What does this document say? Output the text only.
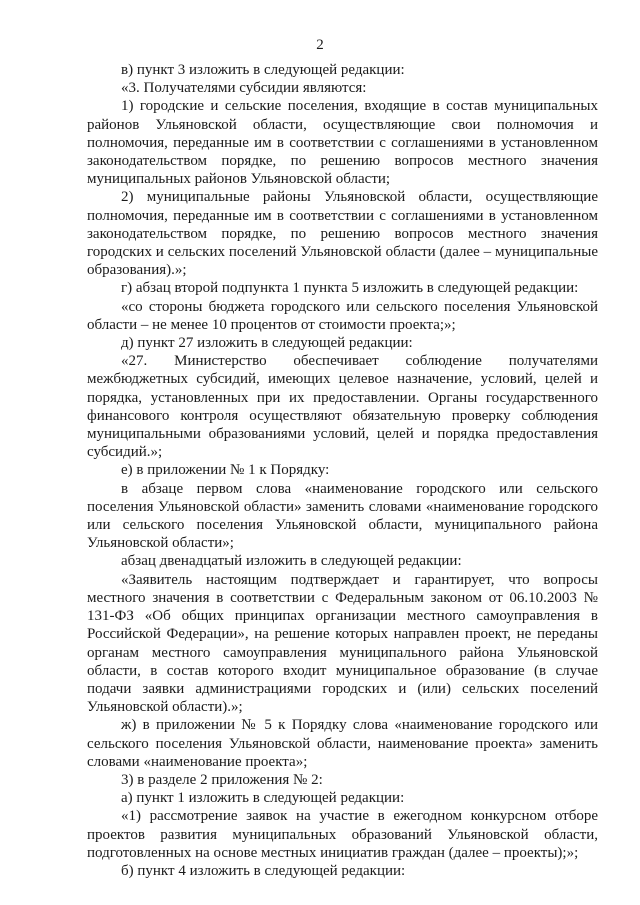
2

в) пункт 3 изложить в следующей редакции:

«3. Получателями субсидии являются:

1) городские и сельские поселения, входящие в состав муниципальных районов Ульяновской области, осуществляющие свои полномочия и полномочия, переданные им в соответствии с соглашениями в установленном законодательством порядке, по решению вопросов местного значения муниципальных районов Ульяновской области;

2) муниципальные районы Ульяновской области, осуществляющие полномочия, переданные им в соответствии с соглашениями в установленном законодательством порядке, по решению вопросов местного значения городских и сельских поселений Ульяновской области (далее – муниципальные образования).»;

г) абзац второй подпункта 1 пункта 5 изложить в следующей редакции:

«со стороны бюджета городского или сельского поселения Ульяновской области – не менее 10 процентов от стоимости проекта;»;

д) пункт 27 изложить в следующей редакции:

«27. Министерство обеспечивает соблюдение получателями межбюджетных субсидий, имеющих целевое назначение, условий, целей и порядка, установленных при их предоставлении. Органы государственного финансового контроля осуществляют обязательную проверку соблюдения муниципальными образованиями условий, целей и порядка предоставления субсидий.»;

е) в приложении № 1 к Порядку:

в абзаце первом слова «наименование городского или сельского поселения Ульяновской области» заменить словами «наименование городского или сельского поселения Ульяновской области, муниципального района Ульяновской области»;

абзац двенадцатый изложить в следующей редакции:

«Заявитель настоящим подтверждает и гарантирует, что вопросы местного значения в соответствии с Федеральным законом от 06.10.2003 № 131-ФЗ «Об общих принципах организации местного самоуправления в Российской Федерации», на решение которых направлен проект, не переданы органам местного самоуправления муниципального района Ульяновской области, в состав которого входит муниципальное образование (в случае подачи заявки администрациями городских и (или) сельских поселений Ульяновской области).»;

ж) в приложении № 5 к Порядку слова «наименование городского или сельского поселения Ульяновской области, наименование проекта» заменить словами «наименование проекта»;

3) в разделе 2 приложения № 2:

а) пункт 1 изложить в следующей редакции:

«1) рассмотрение заявок на участие в ежегодном конкурсном отборе проектов развития муниципальных образований Ульяновской области, подготовленных на основе местных инициатив граждан (далее – проекты);»;

б) пункт 4 изложить в следующей редакции:
